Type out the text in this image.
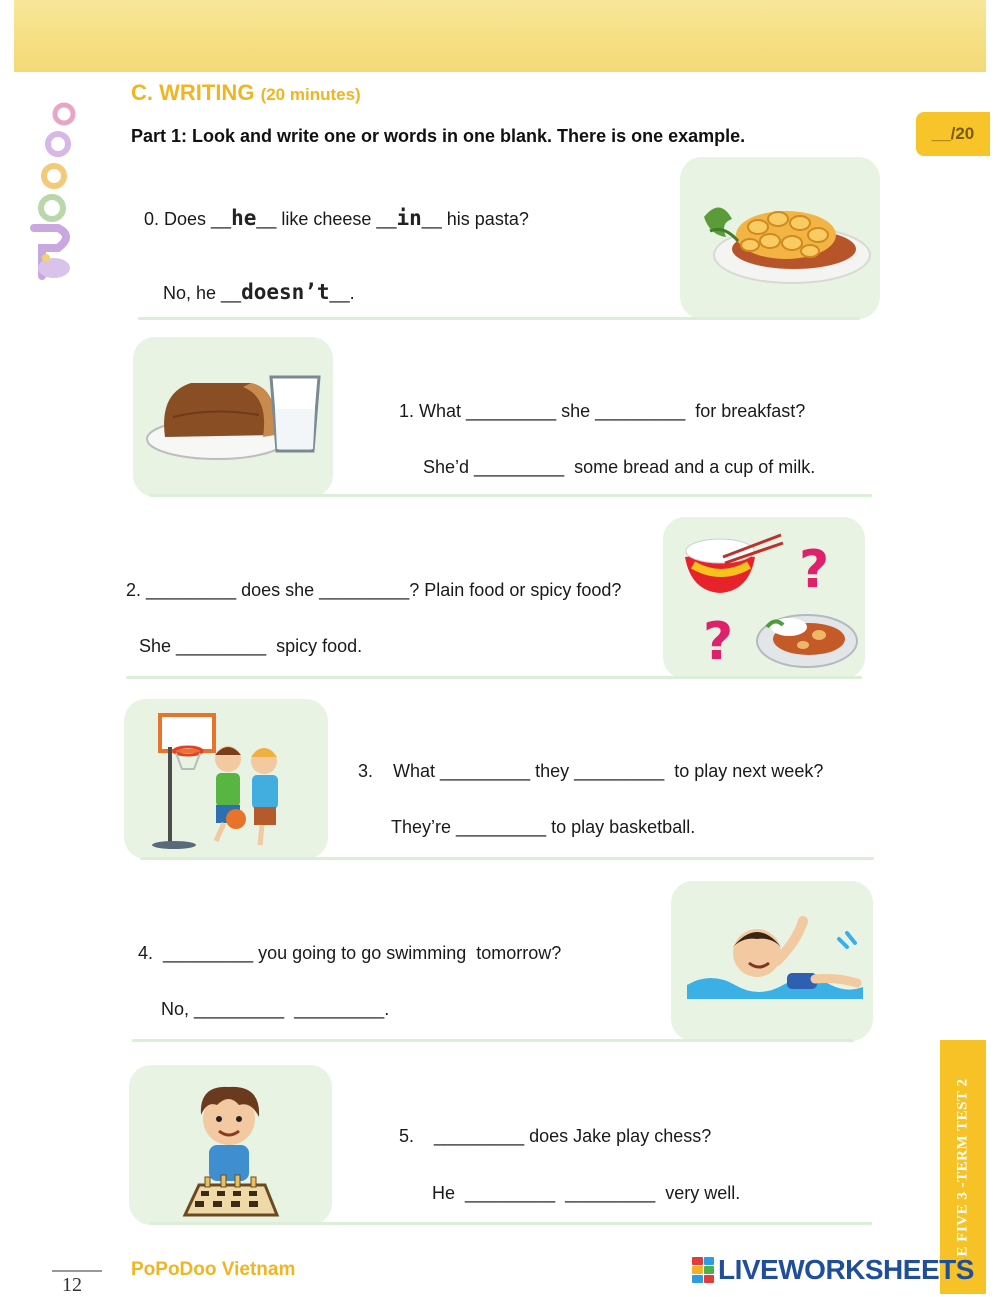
C. WRITING (20 minutes)
Part 1: Look and write one or words in one blank. There is one example.	__/20
0. Does __he__ like cheese __in__ his pasta?
No, he __doesn’t__.
1. What _________ she _________  for breakfast?
She’d _________  some bread and a cup of milk.
2. _________ does she _________? Plain food or spicy food?
She _________  spicy food.
?
?
3.    What _________ they _________  to play next week?
They’re _________ to play basketball.
4.  _________ you going to go swimming  tomorrow?
No, _________  _________.
5.    _________ does Jake play chess?
He  _________  _________  very well.	E FIVE 3 -TERM TEST 2
12
PoPoDoo Vietnam	LIVEWORKSHEETS
